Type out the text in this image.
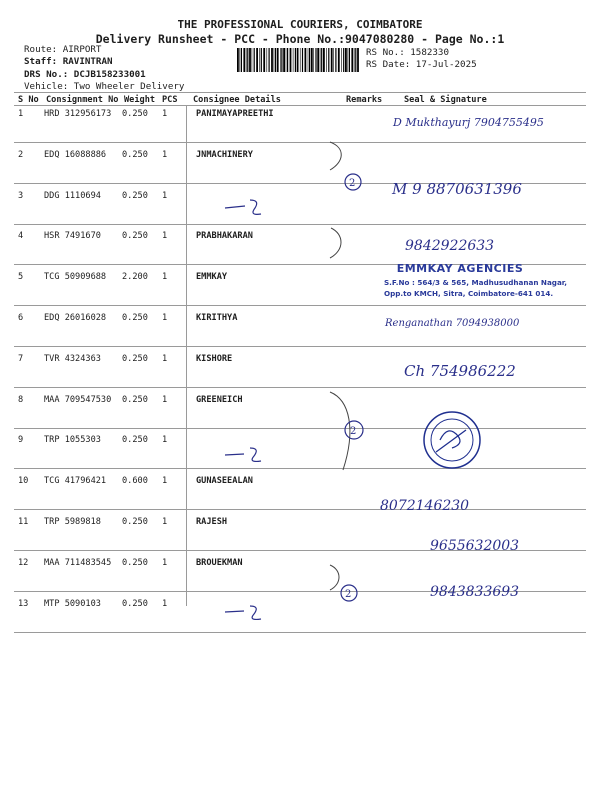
THE PROFESSIONAL COURIERS, COIMBATORE
Delivery Runsheet - PCC - Phone No.:9047080280 - Page No.:1
Route: AIRPORT
Staff: RAVINTRAN
DRS No.: DCJB158233001
Vehicle: Two Wheeler Delivery
RS No.: 1582330
RS Date: 17-Jul-2025
S No Consignment No Weight PCS Consignee Details	Remarks	Seal & Signature
1 HRD 312956173 0.250 1	PANIMAYAPREETHI
2 EDQ 16088886 0.250 1	JNMACHINERY
3 DDG 1110694 0.250 1
4 HSR 7491670 0.250 1	PRABHAKARAN
5 TCG 50909688 2.200 1	EMMKAY
6 EDQ 26016028 0.250 1	KIRITHYA
7 TVR 4324363 0.250 1	KISHORE
8 MAA 709547530 0.250 1	GREENEICH
9 TRP 1055303 0.250 1
10 TCG 41796421 0.600 1	GUNASEEALAN
11 TRP 5989818 0.250 1	RAJESH
12 MAA 711483545 0.250 1	BROUEKMAN
13 MTP 5090103 0.250 1
2
2
2
D Mukthayurj 7904755495
M 9 8870631396
9842922633
EMMKAY AGENCIES
S.F.No : 564/3 & 565, Madhusudhanan Nagar,
Opp.to KMCH, Sitra, Coimbatore-641 014.
Renganathan 7094938000
Ch 754986222
8072146230
9655632003
9843833693
